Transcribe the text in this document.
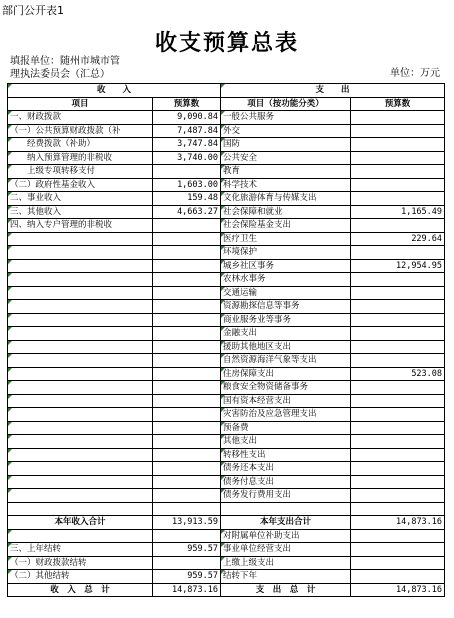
部门公开表1
收支预算总表
填报单位：随州市城市管
理执法委员会（汇总）	单位：万元
收　　入		支　　出	
项目	预算数	项目（按功能分类）	预算数
一、财政拨款	9,090.84	一般公共服务	
（一）公共预算财政拨款（补	7,487.84	外交	
　　经费拨款（补助）	3,747.84	国防	
　　纳入预算管理的非税收	3,740.00	公共安全	
　　上级专项转移支付		教育	
（二）政府性基金收入	1,603.00	科学技术	
二、事业收入	159.48	文化旅游体育与传媒支出	
三、其他收入	4,663.27	社会保障和就业	1,165.49
四、纳入专户管理的非税收		社会保险基金支出	
		医疗卫生	229.64
		环境保护	
		城乡社区事务	12,954.95
		农林水事务	
		交通运输	
		资源勘探信息等事务	
		商业服务业等事务	
		金融支出	
		援助其他地区支出	
		自然资源海洋气象等支出	
		住房保障支出	523.08
		粮食安全物资储备事务	
		国有资本经营支出	
		灾害防治及应急管理支出	
		预备费	
		其他支出	
		转移性支出	
		债务还本支出	
		债务付息支出	
		债务发行费用支出	

本年收入合计	13,913.59	本年支出合计	14,873.16
		对附属单位补助支出	
三、上年结转	959.57	事业单位经营支出	
（一）财政拨款结转		上缴上级支出	
（二）其他结转	959.57	结转下年	
收　入　总　计	14,873.16	支　出　总　计	14,873.16
